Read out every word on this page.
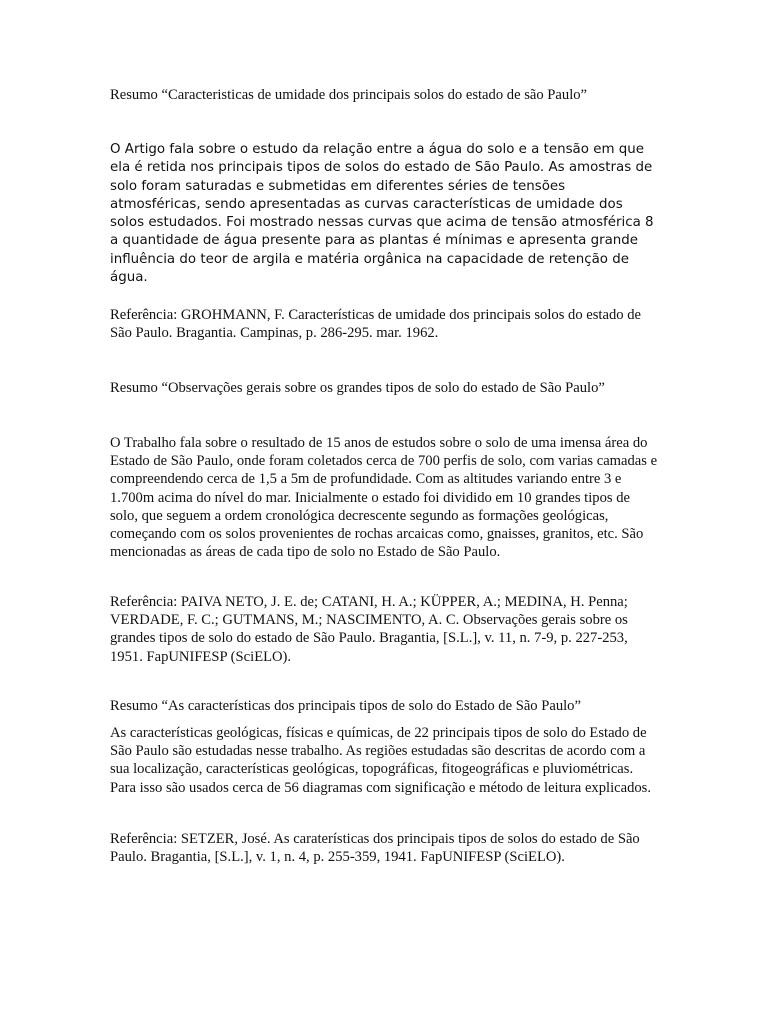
Resumo “Caracteristicas de umidade dos principais solos do estado de são Paulo”

O Artigo fala sobre o estudo da relação entre a água do solo e a tensão em que ela é retida nos principais tipos de solos do estado de São Paulo. As amostras de solo foram saturadas e submetidas em diferentes séries de tensões atmosféricas, sendo apresentadas as curvas características de umidade dos solos estudados. Foi mostrado nessas curvas que acima de tensão atmosférica 8 a quantidade de água presente para as plantas é mínimas e apresenta grande influência do teor de argila e matéria orgânica na capacidade de retenção de água.

Referência: GROHMANN, F. Características de umidade dos principais solos do estado de São Paulo. Bragantia. Campinas, p. 286-295. mar. 1962.

Resumo “Observações gerais sobre os grandes tipos de solo do estado de São Paulo”

O Trabalho fala sobre o resultado de 15 anos de estudos sobre o solo de uma imensa área do Estado de São Paulo, onde foram coletados cerca de 700 perfis de solo, com varias camadas e compreendendo cerca de 1,5 a 5m de profundidade. Com as altitudes variando entre 3 e 1.700m acima do nível do mar. Inicialmente o estado foi dividido em 10 grandes tipos de solo, que seguem a ordem cronológica decrescente segundo as formações geológicas, começando com os solos provenientes de rochas arcaicas como, gnaisses, granitos, etc. São mencionadas as áreas de cada tipo de solo no Estado de São Paulo.

Referência: PAIVA NETO, J. E. de; CATANI, H. A.; KÜPPER, A.; MEDINA, H. Penna; VERDADE, F. C.; GUTMANS, M.; NASCIMENTO, A. C. Observações gerais sobre os grandes tipos de solo do estado de São Paulo. Bragantia, [S.L.], v. 11, n. 7-9, p. 227-253, 1951. FapUNIFESP (SciELO).

Resumo “As características dos principais tipos de solo do Estado de São Paulo”

As características geológicas, físicas e químicas, de 22 principais tipos de solo do Estado de São Paulo são estudadas nesse trabalho. As regiões estudadas são descritas de acordo com a sua localização, características geológicas, topográficas, fitogeográficas e pluviométricas. Para isso são usados cerca de 56 diagramas com significação e método de leitura explicados.

Referência: SETZER, José. As caraterísticas dos principais tipos de solos do estado de São Paulo. Bragantia, [S.L.], v. 1, n. 4, p. 255-359, 1941. FapUNIFESP (SciELO).
